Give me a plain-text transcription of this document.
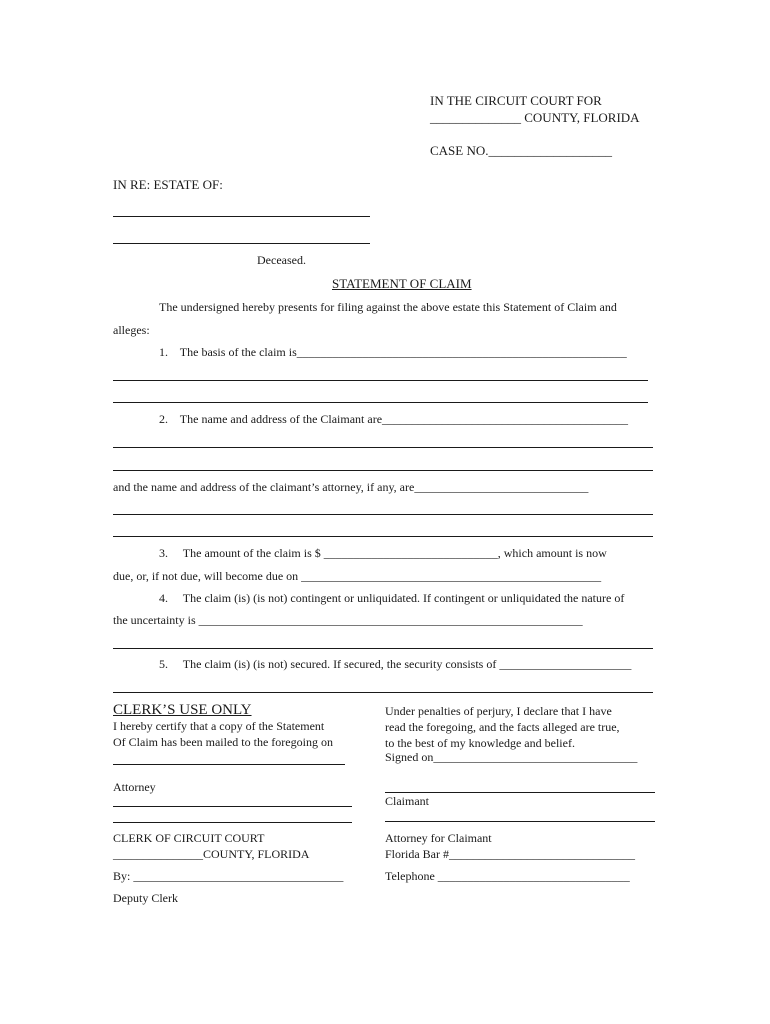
IN THE CIRCUIT COURT FOR
______________ COUNTY, FLORIDA
CASE NO.___________________
IN RE: ESTATE OF:
Deceased.
STATEMENT OF CLAIM
The undersigned hereby presents for filing against the above estate this Statement of Claim and
alleges:
1.    The basis of the claim is_______________________________________________________
2.    The name and address of the Claimant are_________________________________________
and the name and address of the claimant’s attorney, if any, are_____________________________
3.     The amount of the claim is $ _____________________________, which amount is now
due, or, if not due, will become due on __________________________________________________
4.     The claim (is) (is not) contingent or unliquidated. If contingent or unliquidated the nature of
the uncertainty is ________________________________________________________________
5.     The claim (is) (is not) secured. If secured, the security consists of ______________________
CLERK’S USE ONLY
I hereby certify that a copy of the Statement
Of Claim has been mailed to the foregoing on
Attorney
CLERK OF CIRCUIT COURT
_______________COUNTY, FLORIDA
By: ___________________________________
Deputy Clerk
Under penalties of perjury, I declare that I have
read the foregoing, and the facts alleged are true,
to the best of my knowledge and belief.
Signed on__________________________________
Claimant
Attorney for Claimant
Florida Bar #_______________________________
Telephone ________________________________
